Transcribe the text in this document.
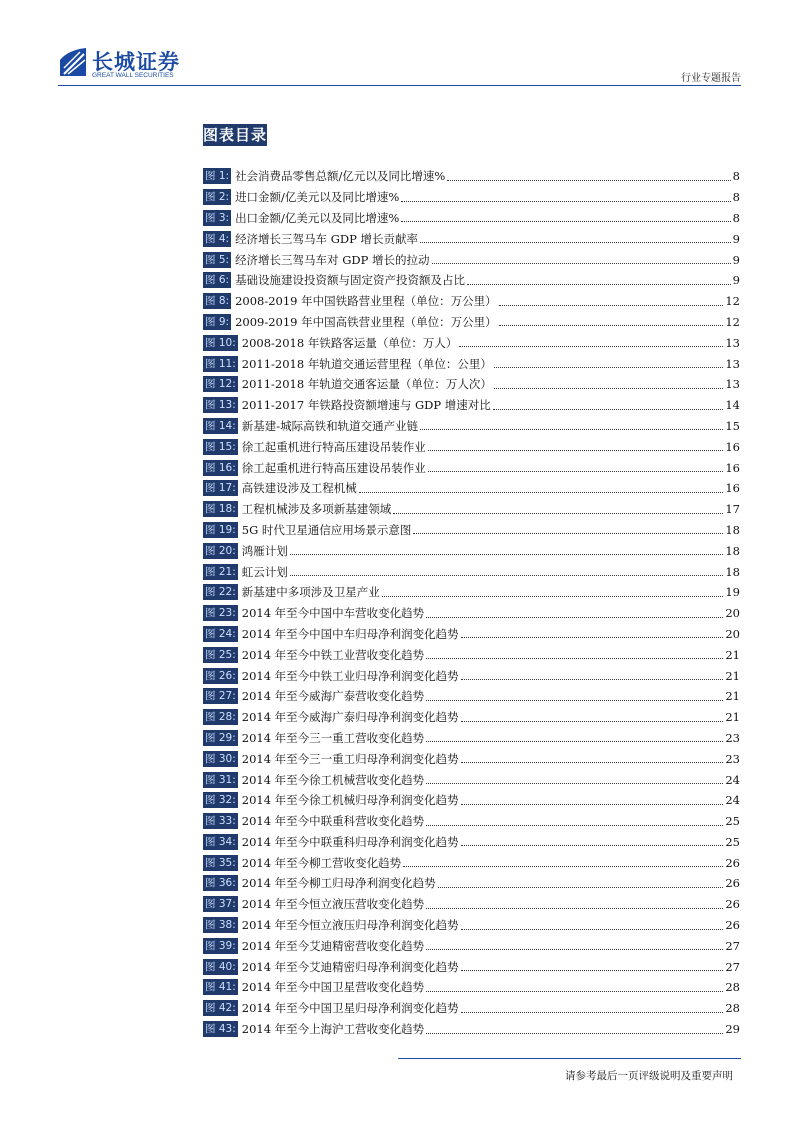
长城证券
GREAT WALL SECURITIES	行业专题报告
图表目录
图 1: 社会消费品零售总额/亿元以及同比增速%	8
图 2: 进口金额/亿美元以及同比增速%	8
图 3: 出口金额/亿美元以及同比增速%	8
图 4: 经济增长三驾马车 GDP 增长贡献率	9
图 5: 经济增长三驾马车对 GDP 增长的拉动	9
图 6: 基础设施建设投资额与固定资产投资额及占比	9
图 8: 2008-2019 年中国铁路营业里程（单位：万公里）	12
图 9: 2009-2019 年中国高铁营业里程（单位：万公里）	12
图 10: 2008-2018 年铁路客运量（单位：万人）	13
图 11: 2011-2018 年轨道交通运营里程（单位：公里）	13
图 12: 2011-2018 年轨道交通客运量（单位：万人次）	13
图 13: 2011-2017 年铁路投资额增速与 GDP 增速对比	14
图 14: 新基建-城际高铁和轨道交通产业链	15
图 15: 徐工起重机进行特高压建设吊装作业	16
图 16: 徐工起重机进行特高压建设吊装作业	16
图 17: 高铁建设涉及工程机械	16
图 18: 工程机械涉及多项新基建领域	17
图 19: 5G 时代卫星通信应用场景示意图	18
图 20: 鸿雁计划	18
图 21: 虹云计划	18
图 22: 新基建中多项涉及卫星产业	19
图 23: 2014 年至今中国中车营收变化趋势	20
图 24: 2014 年至今中国中车归母净利润变化趋势	20
图 25: 2014 年至今中铁工业营收变化趋势	21
图 26: 2014 年至今中铁工业归母净利润变化趋势	21
图 27: 2014 年至今威海广泰营收变化趋势	21
图 28: 2014 年至今威海广泰归母净利润变化趋势	21
图 29: 2014 年至今三一重工营收变化趋势	23
图 30: 2014 年至今三一重工归母净利润变化趋势	23
图 31: 2014 年至今徐工机械营收变化趋势	24
图 32: 2014 年至今徐工机械归母净利润变化趋势	24
图 33: 2014 年至今中联重科营收变化趋势	25
图 34: 2014 年至今中联重科归母净利润变化趋势	25
图 35: 2014 年至今柳工营收变化趋势	26
图 36: 2014 年至今柳工归母净利润变化趋势	26
图 37: 2014 年至今恒立液压营收变化趋势	26
图 38: 2014 年至今恒立液压归母净利润变化趋势	26
图 39: 2014 年至今艾迪精密营收变化趋势	27
图 40: 2014 年至今艾迪精密归母净利润变化趋势	27
图 41: 2014 年至今中国卫星营收变化趋势	28
图 42: 2014 年至今中国卫星归母净利润变化趋势	28
图 43: 2014 年至今上海沪工营收变化趋势	29
请参考最后一页评级说明及重要声明
